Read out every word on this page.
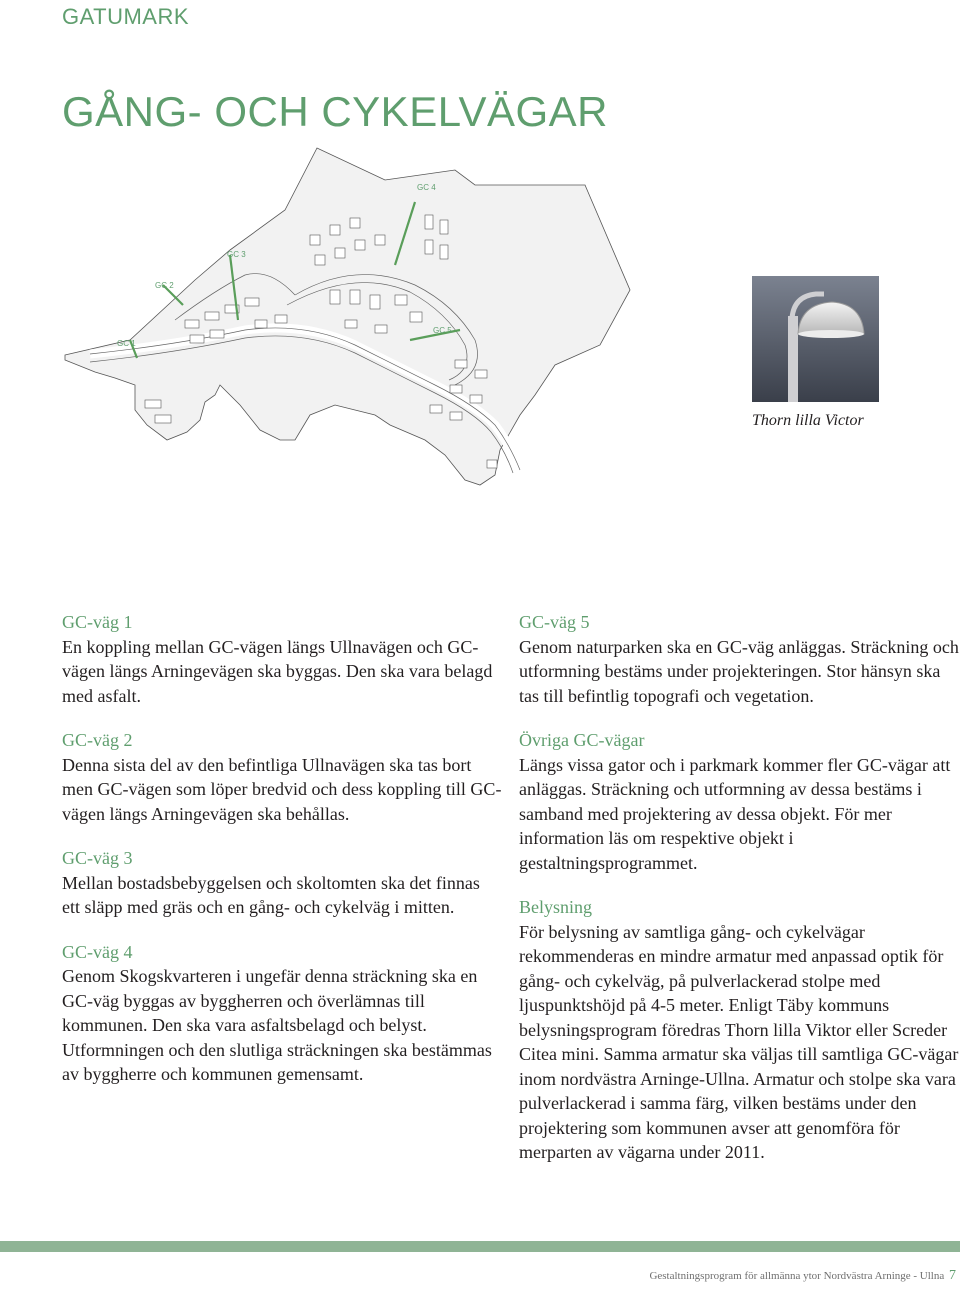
GATUMARK
GÅNG- OCH CYKELVÄGAR
GC 1
GC 2
GC 3
GC 4
GC 5
Thorn lilla Victor
GC-väg 1

En koppling mellan GC-vägen längs Ullnavägen och GC-vägen längs Arningevägen ska byggas. Den ska vara belagd med asfalt.

GC-väg 2

Denna sista del av den befintliga Ullnavägen ska tas bort men GC-vägen som löper bredvid och dess koppling till GC-vägen längs Arningevägen ska behållas.

GC-väg 3

Mellan bostadsbebyggelsen och skoltomten ska det finnas ett släpp med gräs och en gång- och cykelväg i mitten.

GC-väg 4

Genom Skogskvarteren i ungefär denna sträckning ska en GC-väg byggas av byggherren och överlämnas till kommunen. Den ska vara asfaltsbelagd och belyst. Utformningen och den slutliga sträckningen ska bestämmas av byggherre och kommunen gemensamt.

GC-väg 5

Genom naturparken ska en GC-väg anläggas. Sträckning och utformning bestäms under projekteringen. Stor hänsyn ska tas till befintlig topografi och vegetation.

Övriga GC-vägar

Längs vissa gator och i parkmark kommer fler GC-vägar att anläggas. Sträckning och utformning av dessa bestäms i samband med projektering av dessa objekt. För mer information läs om respektive objekt i gestaltningsprogrammet.

Belysning

För belysning av samtliga gång- och cykelvägar rekommenderas en mindre armatur med anpassad optik för gång- och cykelväg, på pulverlackerad stolpe med ljuspunktshöjd på 4-5 meter. Enligt Täby kommuns belysningsprogram föredras Thorn lilla Viktor eller Screder Citea mini. Samma armatur ska väljas till samtliga GC-vägar inom nordvästra Arninge-Ullna. Armatur och stolpe ska vara pulverlackerad i samma färg, vilken bestäms under den projektering som kommunen avser att genomföra för merparten av vägarna under 2011.

Gestaltningsprogram för allmänna ytor Nordvästra Arninge - Ullna 7
